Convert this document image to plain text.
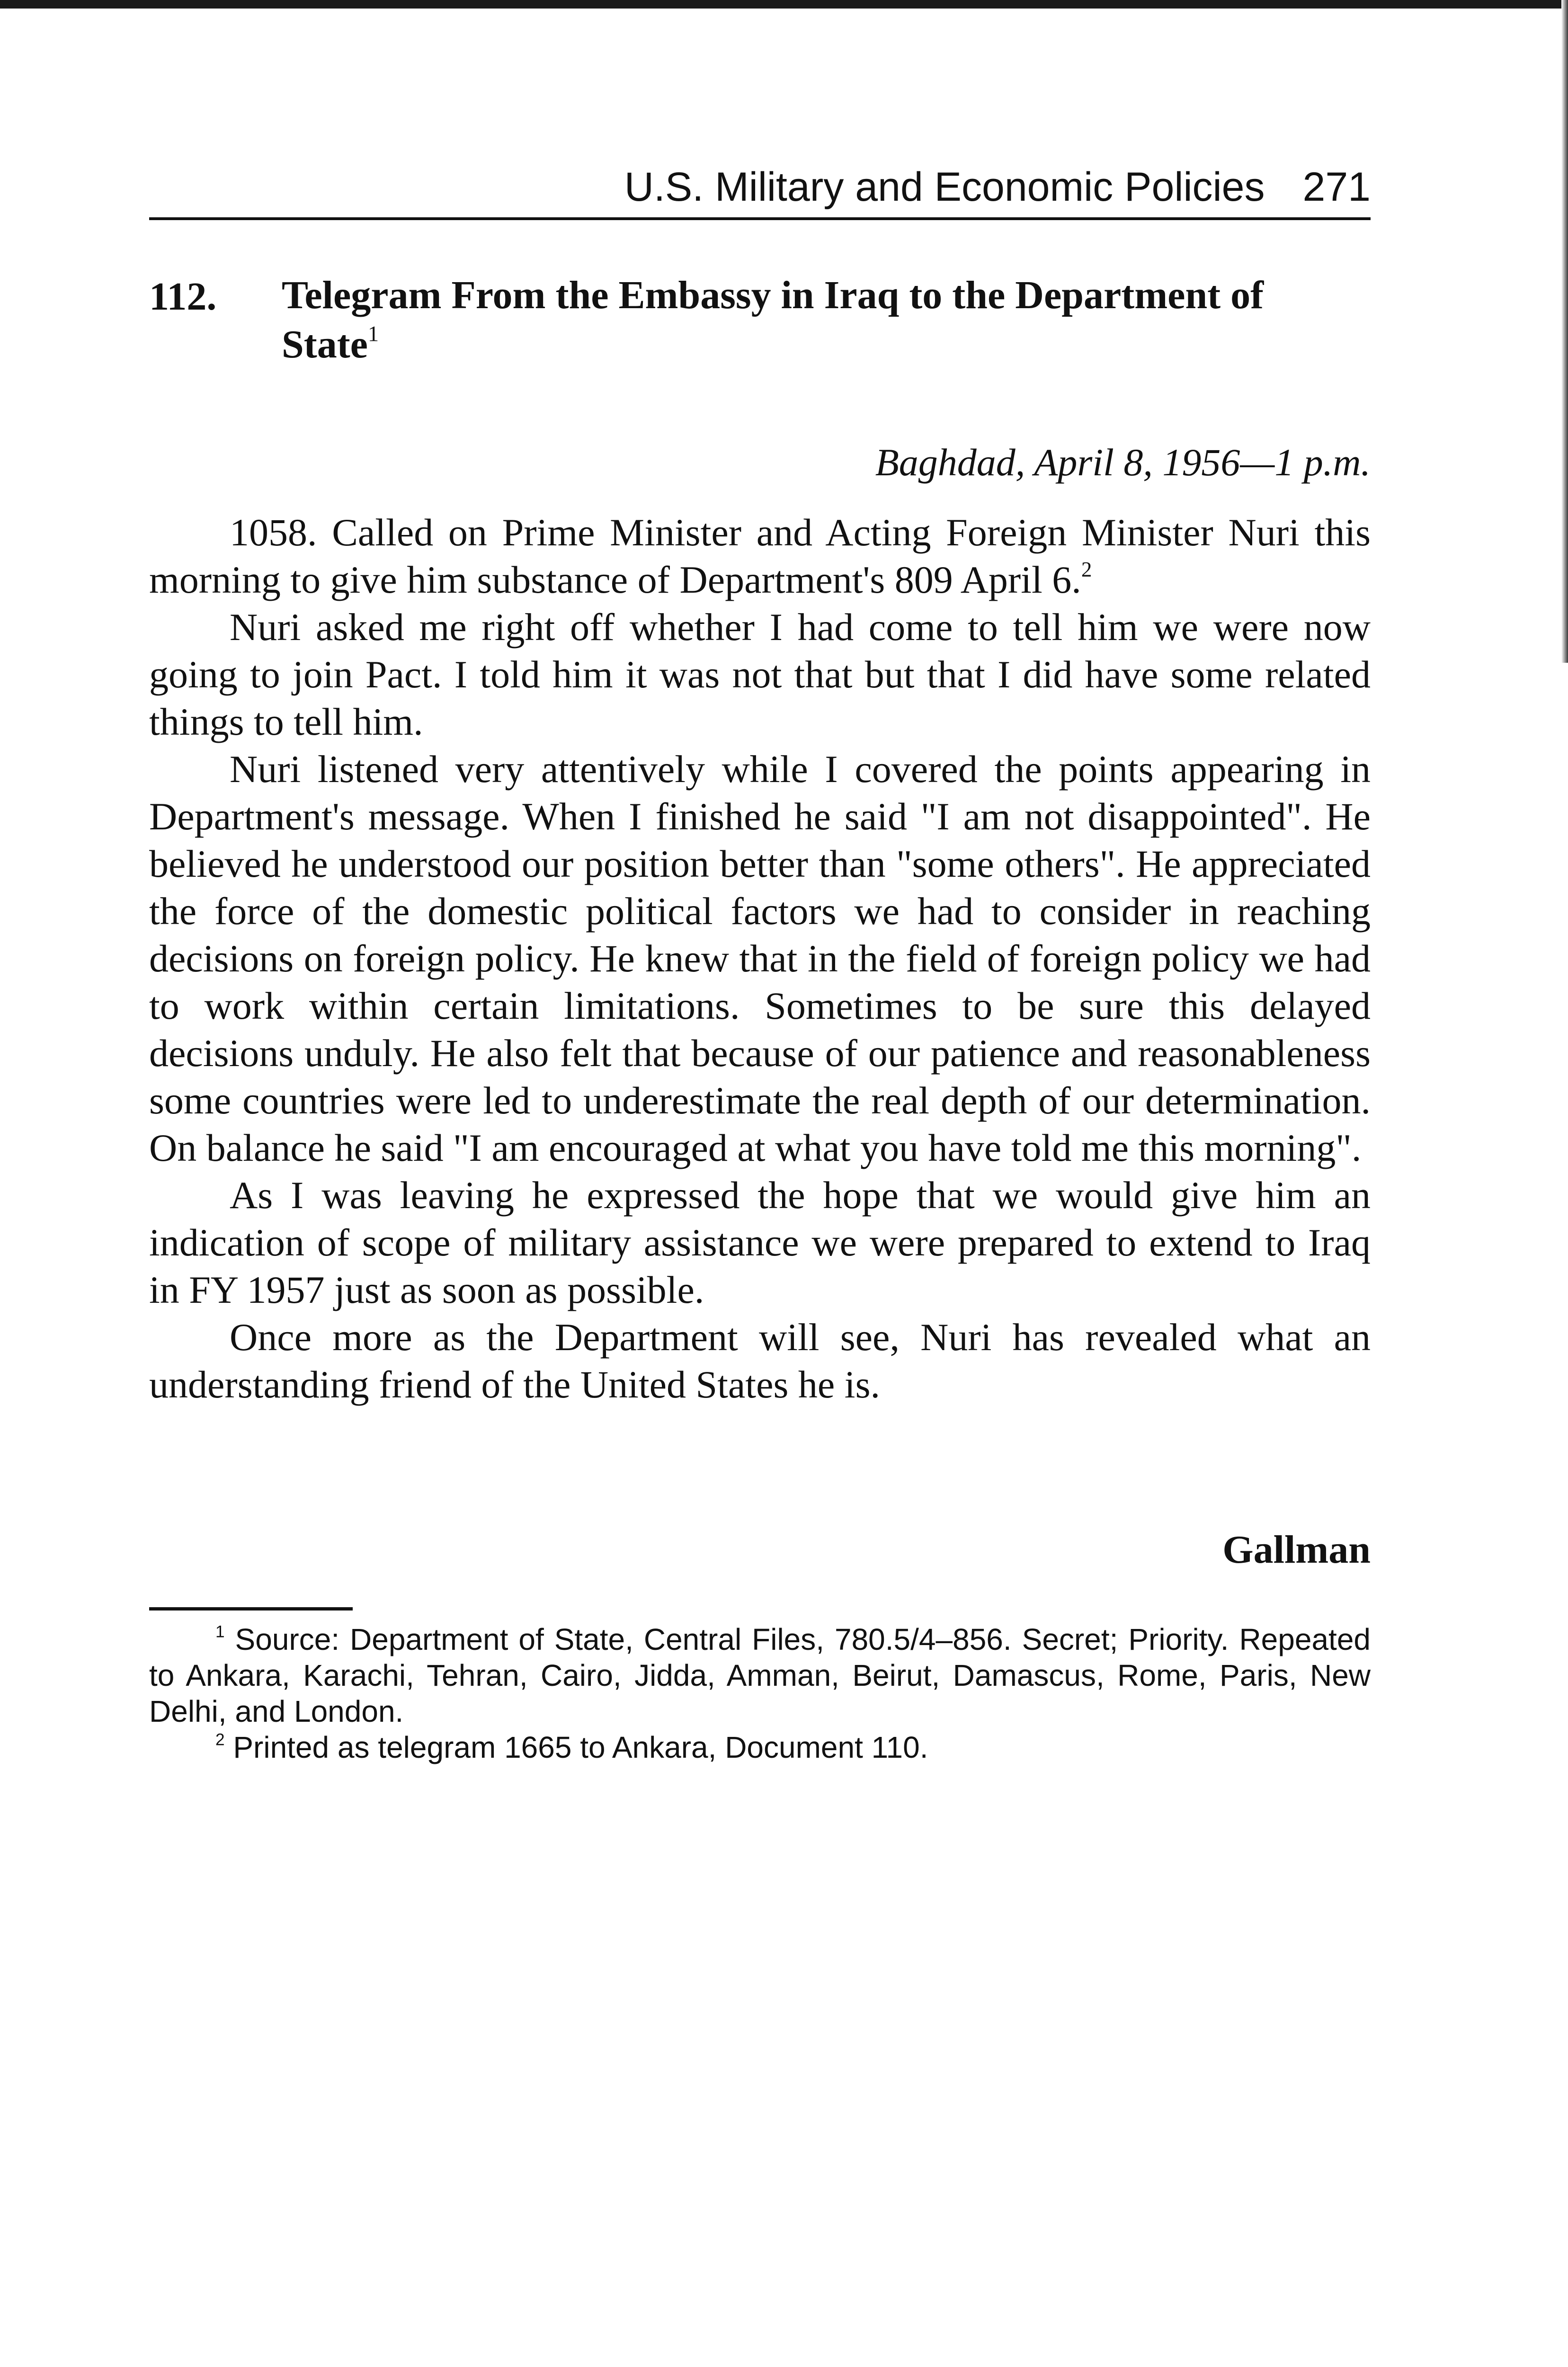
U.S. Military and Economic Policies 271
112. Telegram From the Embassy in Iraq to the Department of State$^1$
Baghdad, April 8, 1956—1 p.m.

1058. Called on Prime Minister and Acting Foreign Minister Nuri this morning to give him substance of Department's 809 April 6.$^2$

Nuri asked me right off whether I had come to tell him we were now going to join Pact. I told him it was not that but that I did have some related things to tell him.

Nuri listened very attentively while I covered the points appearing in Department's message. When I finished he said "I am not disappointed". He believed he understood our position better than "some others". He appreciated the force of the domestic political factors we had to consider in reaching decisions on foreign policy. He knew that in the field of foreign policy we had to work within certain limitations. Sometimes to be sure this delayed decisions unduly. He also felt that because of our patience and reasonableness some countries were led to underestimate the real depth of our determination. On balance he said "I am encouraged at what you have told me this morning".

As I was leaving he expressed the hope that we would give him an indication of scope of military assistance we were prepared to extend to Iraq in FY 1957 just as soon as possible.

Once more as the Department will see, Nuri has revealed what an understanding friend of the United States he is.

Gallman

$^1$ Source: Department of State, Central Files, 780.5/4–856. Secret; Priority. Repeated to Ankara, Karachi, Tehran, Cairo, Jidda, Amman, Beirut, Damascus, Rome, Paris, New Delhi, and London.

$^2$ Printed as telegram 1665 to Ankara, Document 110.
